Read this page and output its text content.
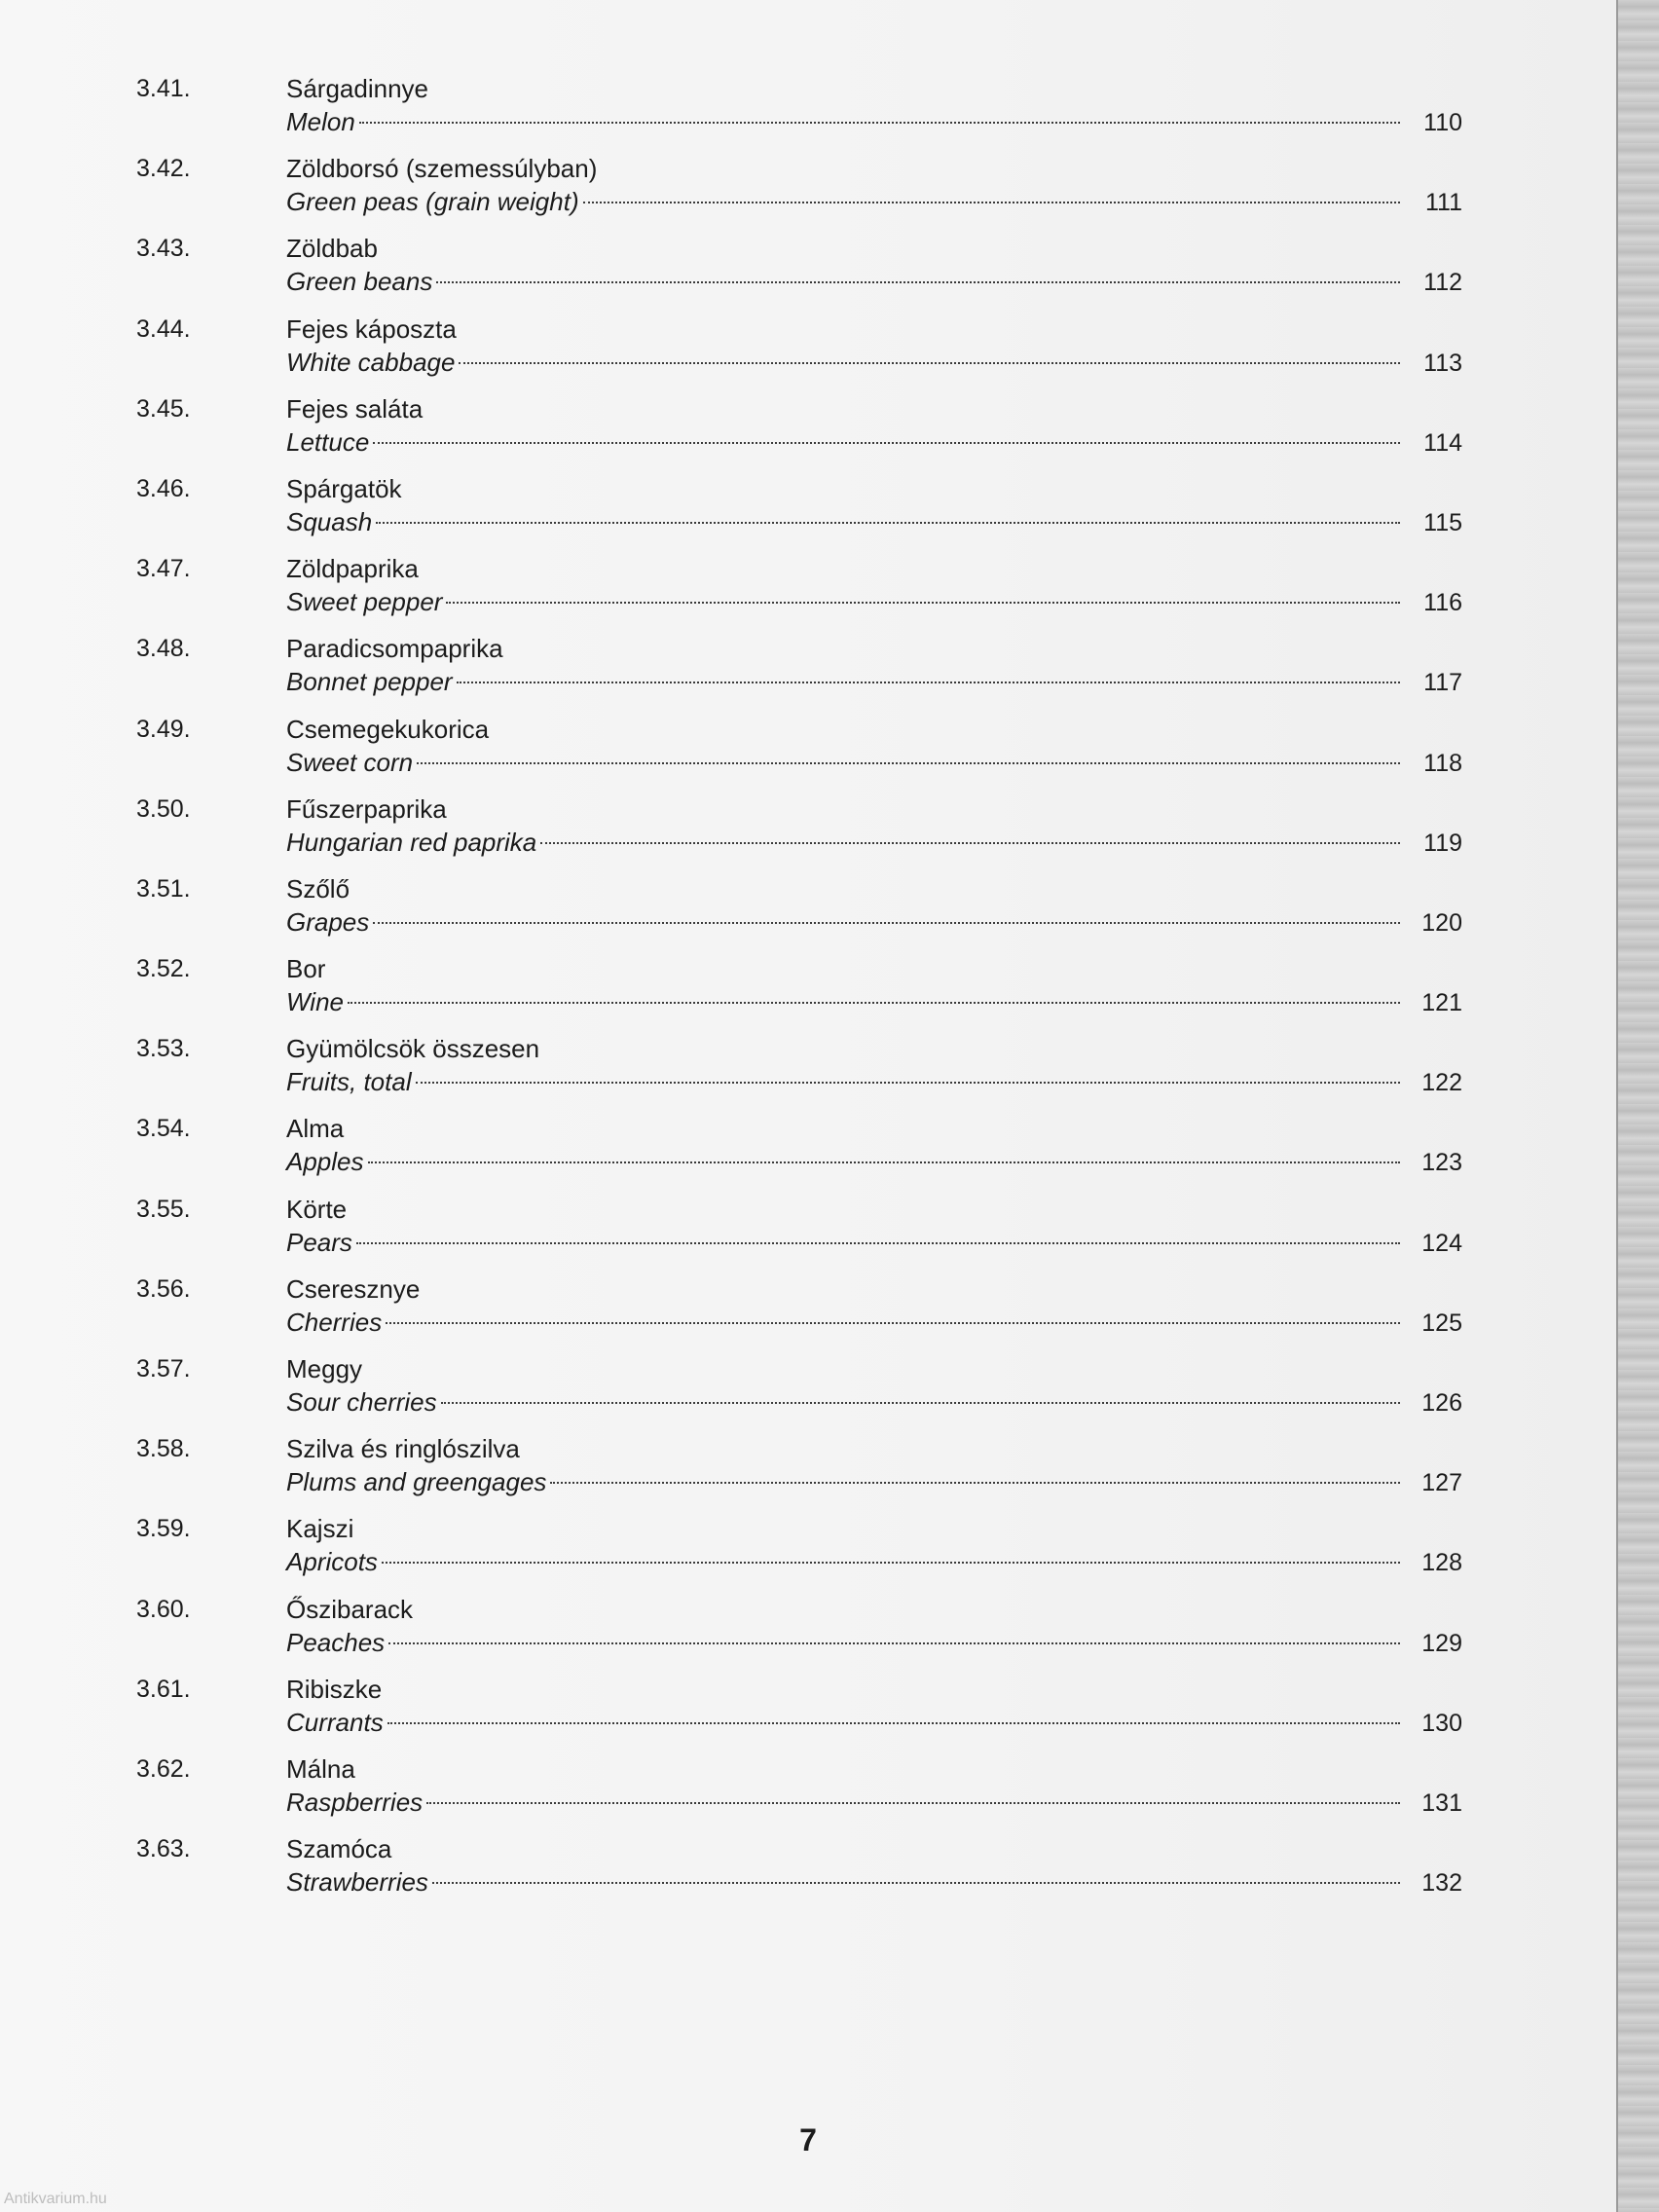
3.41.	Sárgadinnye
Melon	110
3.42.	Zöldborsó (szemessúlyban)
Green peas (grain weight)	111
3.43.	Zöldbab
Green beans	112
3.44.	Fejes káposzta
White cabbage	113
3.45.	Fejes saláta
Lettuce	114
3.46.	Spárgatök
Squash	115
3.47.	Zöldpaprika
Sweet pepper	116
3.48.	Paradicsompaprika
Bonnet pepper	117
3.49.	Csemegekukorica
Sweet corn	118
3.50.	Fűszerpaprika
Hungarian red paprika	119
3.51.	Szőlő
Grapes	120
3.52.	Bor
Wine	121
3.53.	Gyümölcsök összesen
Fruits, total	122
3.54.	Alma
Apples	123
3.55.	Körte
Pears	124
3.56.	Cseresznye
Cherries	125
3.57.	Meggy
Sour cherries	126
3.58.	Szilva és ringlószilva
Plums and greengages	127
3.59.	Kajszi
Apricots	128
3.60.	Őszibarack
Peaches	129
3.61.	Ribiszke
Currants	130
3.62.	Málna
Raspberries	131
3.63.	Szamóca
Strawberries	132
7
Antikvarium.hu
